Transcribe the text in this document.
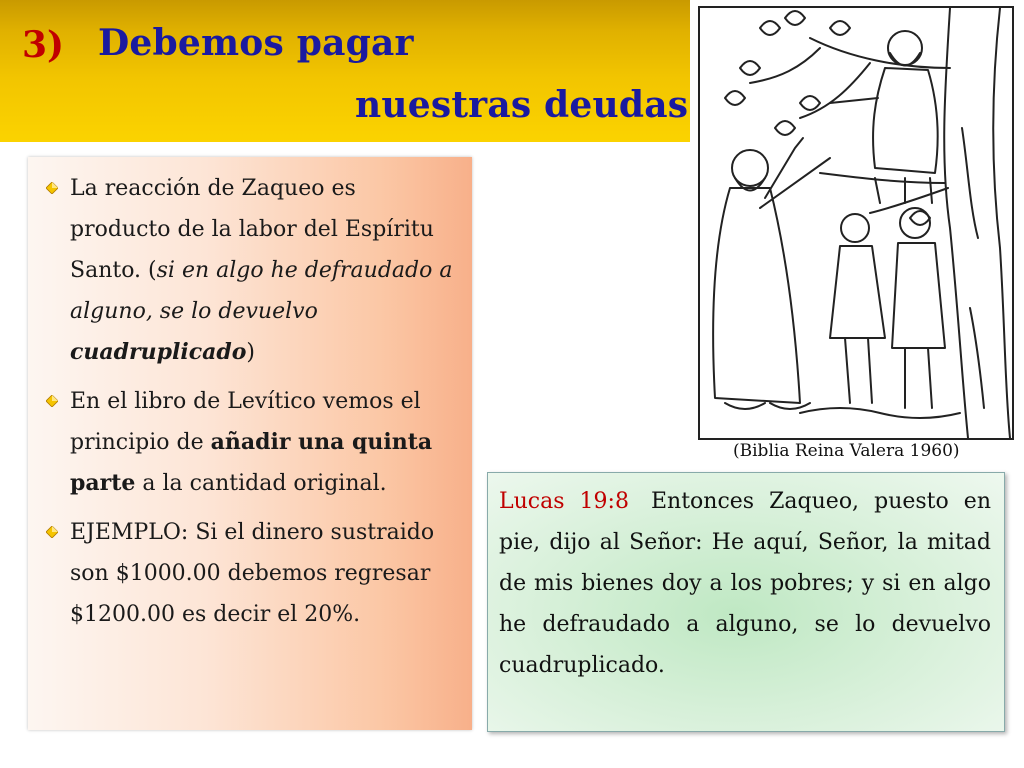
3) Debemos pagar
nuestras deudas
La reacción de Zaqueo es producto de la labor del Espíritu Santo. (si en algo he defraudado a alguno, se lo devuelvo cuadruplicado)
En el libro de Levítico vemos el principio de añadir una quinta parte a la cantidad original.
EJEMPLO: Si el dinero sustraido son $1000.00 debemos regresar $1200.00 es decir el 20%.
(Biblia Reina Valera 1960)
Lucas 19:8 Entonces Zaqueo, puesto en pie, dijo al Señor: He aquí, Señor, la mitad de mis bienes doy a los pobres; y si en algo he defraudado a alguno, se lo devuelvo cuadruplicado.
